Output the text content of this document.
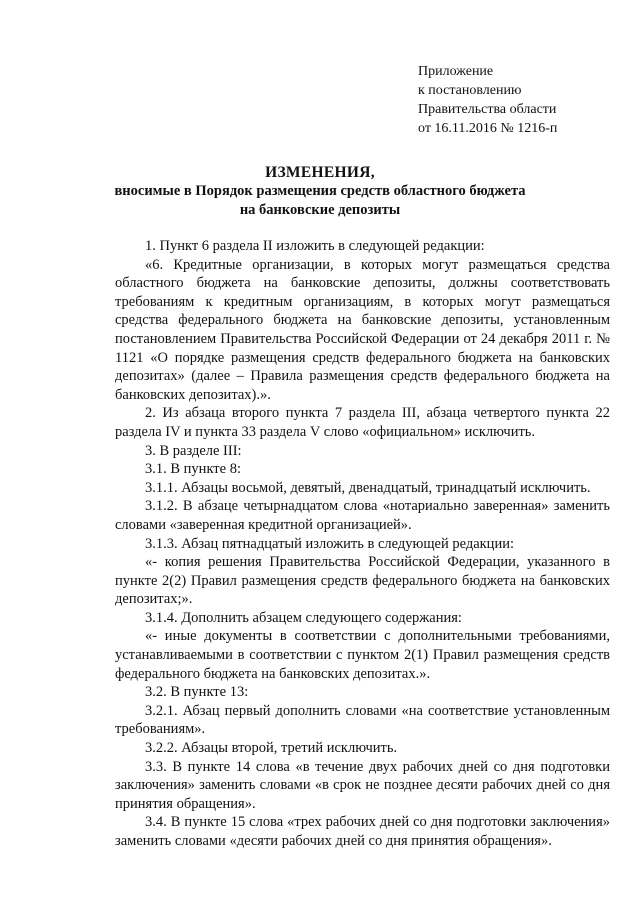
Приложение
к постановлению
Правительства области
от 16.11.2016 № 1216-п
ИЗМЕНЕНИЯ,
вносимые в Порядок размещения средств областного бюджета
на банковские депозиты

1. Пункт 6 раздела II изложить в следующей редакции:

«6. Кредитные организации, в которых могут размещаться средства областного бюджета на банковские депозиты, должны соответствовать требованиям к кредитным организациям, в которых могут размещаться средства федерального бюджета на банковские депозиты, установленным постановлением Правительства Российской Федерации от 24 декабря 2011 г. № 1121 «О порядке размещения средств федерального бюджета на банковских депозитах» (далее – Правила размещения средств федерального бюджета на банковских депозитах).».

2. Из абзаца второго пункта 7 раздела III, абзаца четвертого пункта 22 раздела IV и пункта 33 раздела V слово «официальном» исключить.

3. В разделе III:

3.1. В пункте 8:

3.1.1. Абзацы восьмой, девятый, двенадцатый, тринадцатый исключить.

3.1.2. В абзаце четырнадцатом слова «нотариально заверенная» заменить словами «заверенная кредитной организацией».

3.1.3. Абзац пятнадцатый изложить в следующей редакции:

«- копия решения Правительства Российской Федерации, указанного в пункте 2(2) Правил размещения средств федерального бюджета на банковских депозитах;».

3.1.4. Дополнить абзацем следующего содержания:

«- иные документы в соответствии с дополнительными требованиями, устанавливаемыми в соответствии с пунктом 2(1) Правил размещения средств федерального бюджета на банковских депозитах.».

3.2. В пункте 13:

3.2.1. Абзац первый дополнить словами «на соответствие установленным требованиям».

3.2.2. Абзацы второй, третий исключить.

3.3. В пункте 14 слова «в течение двух рабочих дней со дня подготовки заключения» заменить словами «в срок не позднее десяти рабочих дней со дня принятия обращения».

3.4. В пункте 15 слова «трех рабочих дней со дня подготовки заключения» заменить словами «десяти рабочих дней со дня принятия обращения».
